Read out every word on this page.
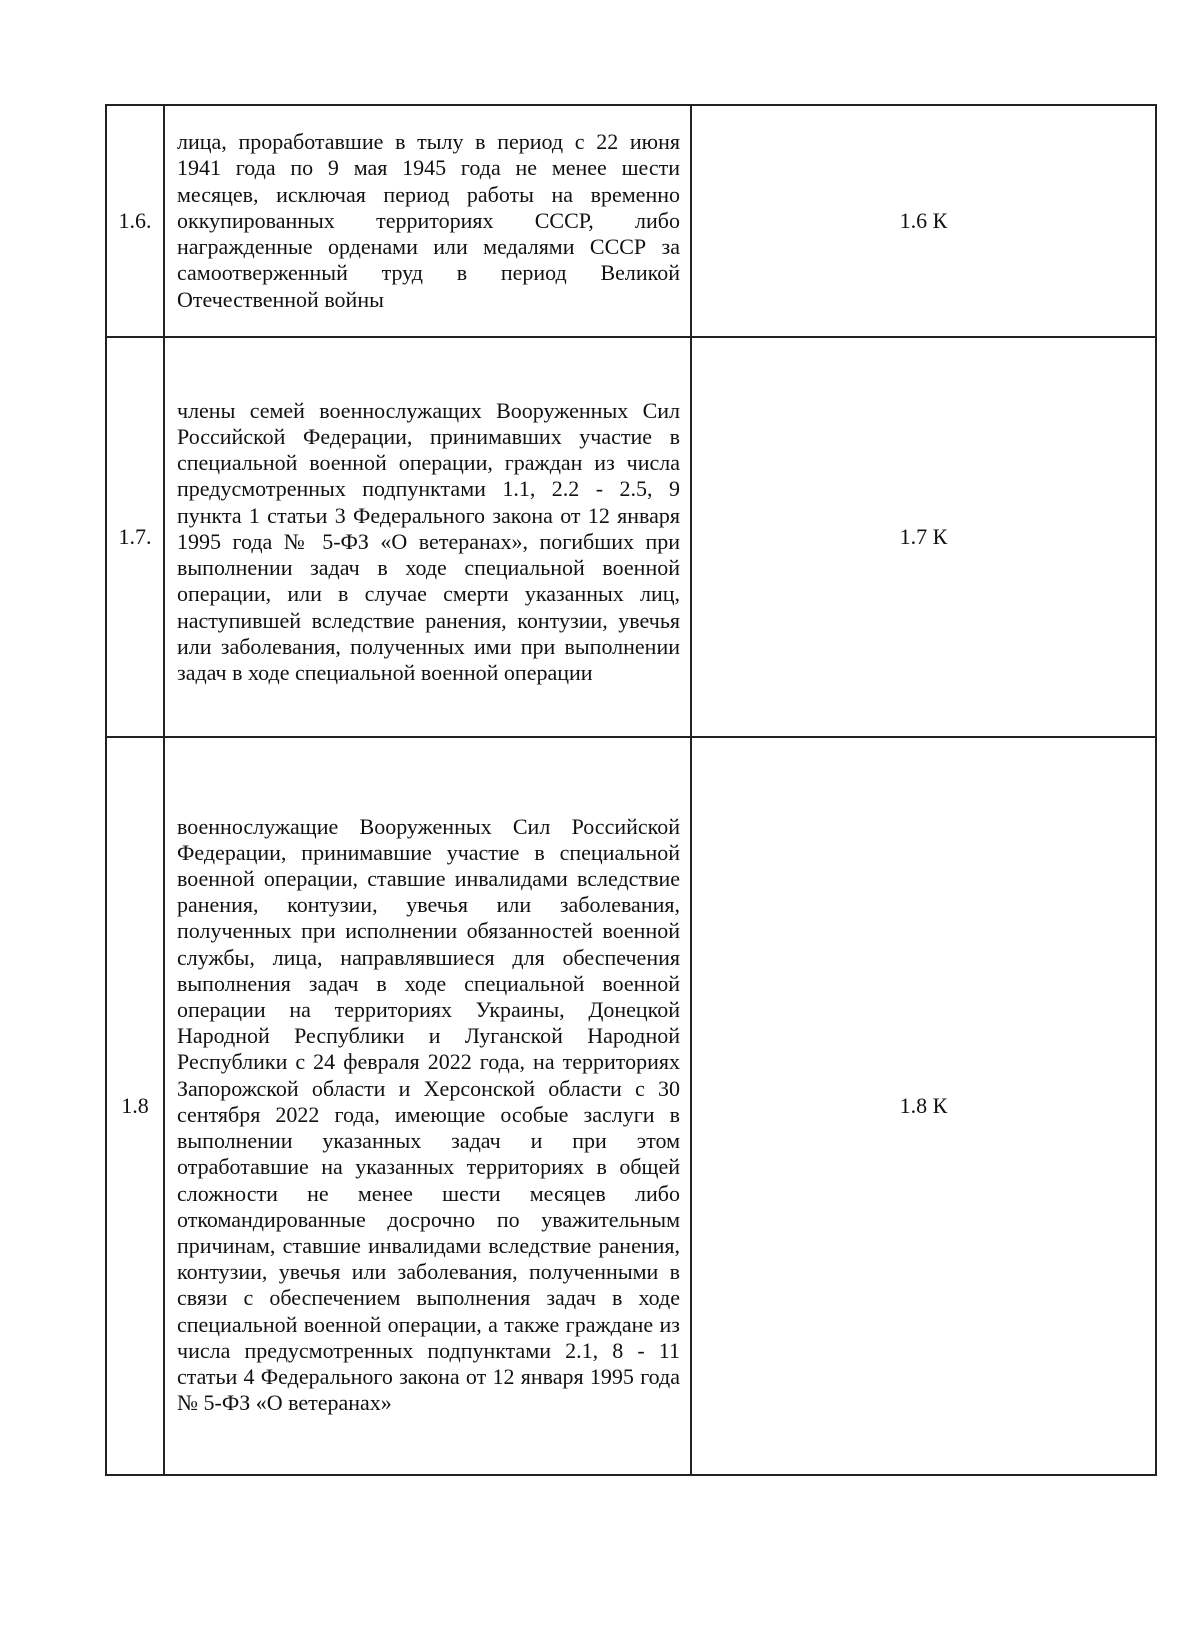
1.6.	лица, проработавшие в тылу в период с 22 июня 1941 года по 9 мая 1945 года не менее шести месяцев, исключая период работы на временно оккупированных территориях СССР, либо награжденные орденами или медалями СССР за самоотверженный труд в период Великой Отечественной войны	1.6 К
1.7.	члены семей военнослужащих Вооруженных Сил Российской Федерации, принимавших участие в специальной военной операции, граждан из числа предусмотренных подпунктами 1.1, 2.2 - 2.5, 9 пункта 1 статьи 3 Федерального закона от 12 января 1995 года № 5-ФЗ «О ветеранах», погибших при выполнении задач в ходе специальной военной операции, или в случае смерти указанных лиц, наступившей вследствие ранения, контузии, увечья или заболевания, полученных ими при выполнении задач в ходе специальной военной операции	1.7 К
1.8	военнослужащие Вооруженных Сил Российской Федерации, принимавшие участие в специальной военной операции, ставшие инвалидами вследствие ранения, контузии, увечья или заболевания, полученных при исполнении обязанностей военной службы, лица, направлявшиеся для обеспечения выполнения задач в ходе специальной военной операции на территориях Украины, Донецкой Народной Республики и Луганской Народной Республики с 24 февраля 2022 года, на территориях Запорожской области и Херсонской области с 30 сентября 2022 года, имеющие особые заслуги в выполнении указанных задач и при этом отработавшие на указанных территориях в общей сложности не менее шести месяцев либо откомандированные досрочно по уважительным причинам, ставшие инвалидами вследствие ранения, контузии, увечья или заболевания, полученными в связи с обеспечением выполнения задач в ходе специальной военной операции, а также граждане из числа предусмотренных подпунктами 2.1, 8 - 11 статьи 4 Федерального закона от 12 января 1995 года № 5-ФЗ «О ветеранах»	1.8 К
